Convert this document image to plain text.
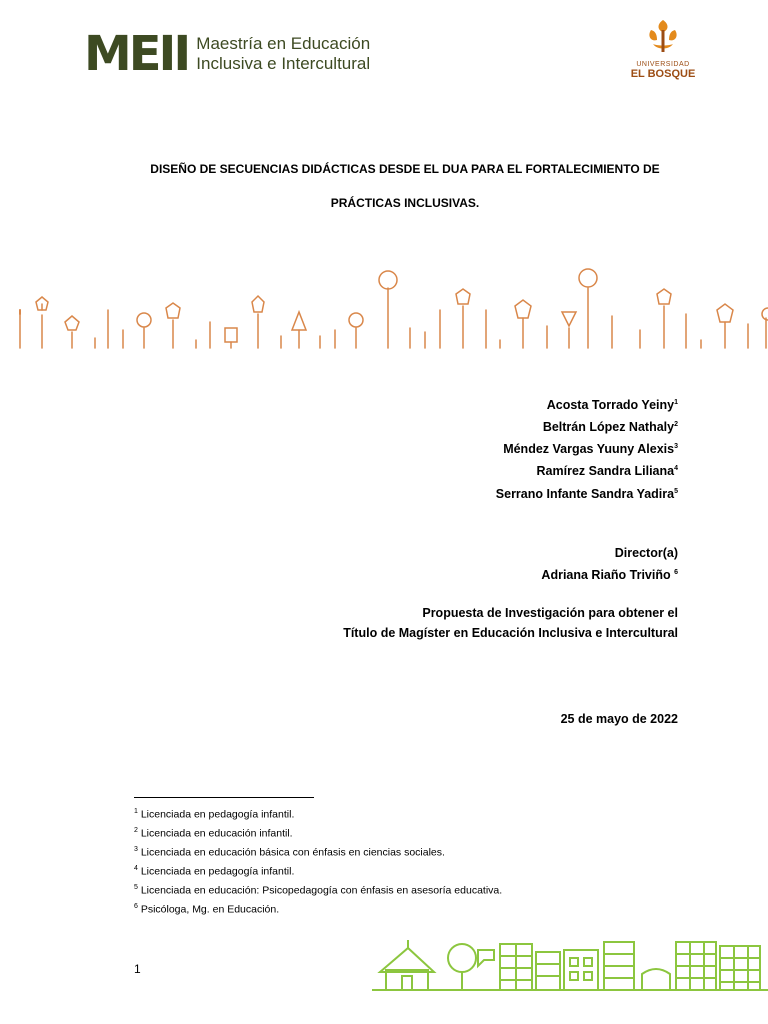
MEII Maestría en Educación
Inclusiva e Intercultural	UNIVERSIDAD
EL BOSQUE
DISEÑO DE SECUENCIAS DIDÁCTICAS DESDE EL DUA PARA EL FORTALECIMIENTO DE
PRÁCTICAS INCLUSIVAS.
Acosta Torrado Yeiny$^1$
Beltrán López Nathaly$^2$
Méndez Vargas Yuuny Alexis$^3$
Ramírez Sandra Liliana$^4$
Serrano Infante Sandra Yadira$^5$
Director(a)
Adriana Riaño Triviño $^6$
Propuesta de Investigación para obtener el
Título de Magíster en Educación Inclusiva e Intercultural
25 de mayo de 2022
$^1$ Licenciada en pedagogía infantil.
$^2$ Licenciada en educación infantil.
$^3$ Licenciada en educación básica con énfasis en ciencias sociales.
$^4$ Licenciada en pedagogía infantil.
$^5$ Licenciada en educación: Psicopedagogía con énfasis en asesoría educativa.
$^6$ Psicóloga, Mg. en Educación.
1
